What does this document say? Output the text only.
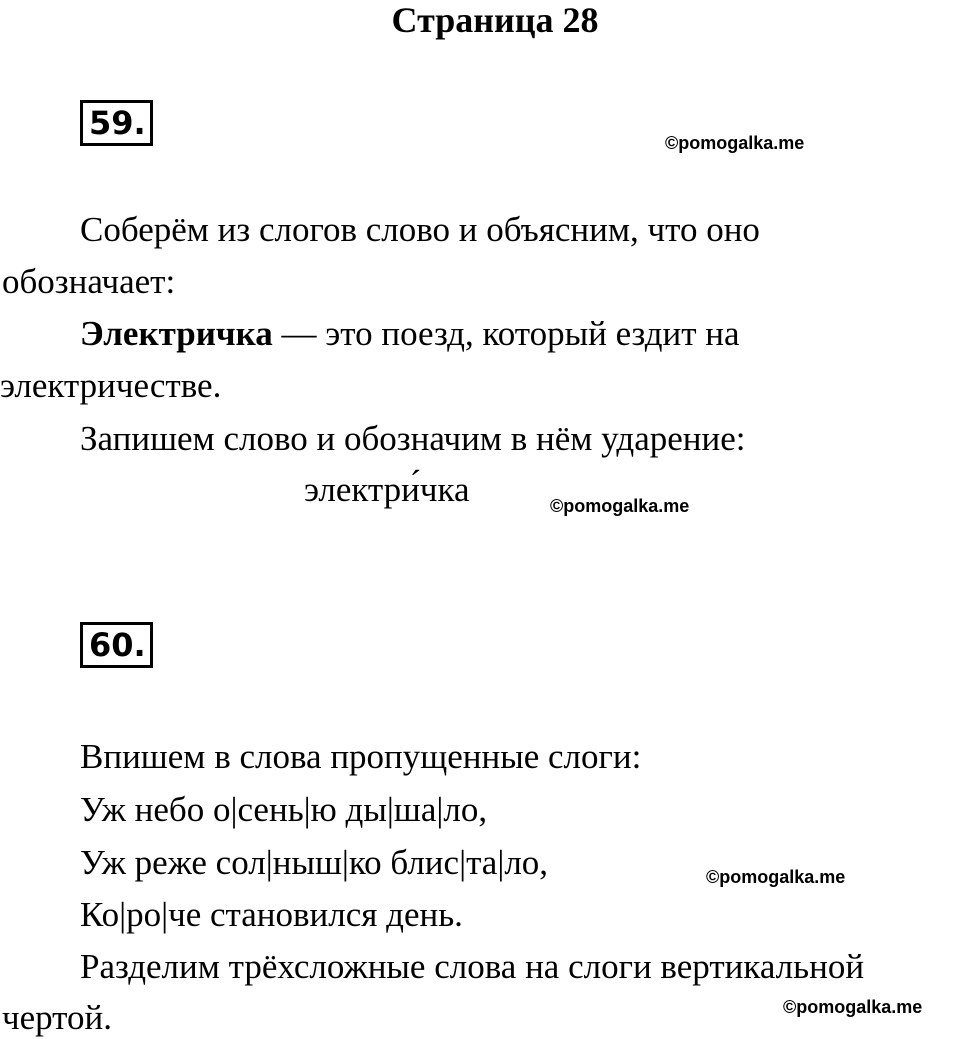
Страница 28
59.
©pomogalka.me
Соберём из слогов слово и объясним, что оно
обозначает:
Электричка — это поезд, который ездит на
электричестве.
Запишем слово и обозначим в нём ударение:
электри́чка	©pomogalka.me
60.
Впишем в слова пропущенные слоги:
Уж небо о|сень|ю ды|ша|ло,
Уж реже сол|ныш|ко блис|та|ло,	©pomogalka.me
Ко|ро|че становился день.
Разделим трёхсложные слова на слоги вертикальной
чертой.	©pomogalka.me
